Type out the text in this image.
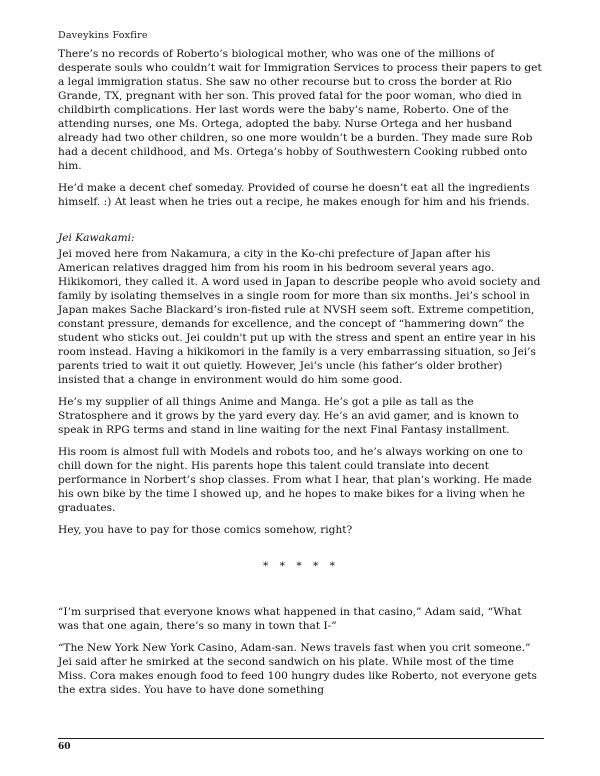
Daveykins Foxfire

There’s no records of Roberto’s biological mother, who was one of the millions of desperate souls who couldn’t wait for Immigration Services to process their papers to get a legal immigration status. She saw no other recourse but to cross the border at Rio Grande, TX, pregnant with her son. This proved fatal for the poor woman, who died in childbirth complications. Her last words were the baby’s name, Roberto. One of the attending nurses, one Ms. Ortega, adopted the baby. Nurse Ortega and her husband already had two other children, so one more wouldn’t be a burden. They made sure Rob had a decent childhood, and Ms. Ortega’s hobby of Southwestern Cooking rubbed onto him.

He’d make a decent chef someday. Provided of course he doesn’t eat all the ingredients himself. :) At least when he tries out a recipe, he makes enough for him and his friends.

Jei Kawakami:

Jei moved here from Nakamura, a city in the Ko-chi prefecture of Japan after his American relatives dragged him from his room in his bedroom several years ago. Hikikomori, they called it. A word used in Japan to describe people who avoid society and family by isolating themselves in a single room for more than six months. Jei’s school in Japan makes Sache Blackard’s iron-fisted rule at NVSH seem soft. Extreme competition, constant pressure, demands for excellence, and the concept of “hammering down” the student who sticks out. Jei couldn't put up with the stress and spent an entire year in his room instead. Having a hikikomori in the family is a very embarrassing situation, so Jei’s parents tried to wait it out quietly. However, Jei’s uncle (his father’s older brother) insisted that a change in environment would do him some good.

He’s my supplier of all things Anime and Manga. He’s got a pile as tall as the Stratosphere and it grows by the yard every day. He’s an avid gamer, and is known to speak in RPG terms and stand in line waiting for the next Final Fantasy installment.

His room is almost full with Models and robots too, and he’s always working on one to chill down for the night. His parents hope this talent could translate into decent performance in Norbert’s shop classes. From what I hear, that plan’s working. He made his own bike by the time I showed up, and he hopes to make bikes for a living when he graduates.

Hey, you have to pay for those comics somehow, right?

* * * * *

“I’m surprised that everyone knows what happened in that casino,” Adam said, “What was that one again, there’s so many in town that I-”

“The New York New York Casino, Adam-san. News travels fast when you crit someone.” Jei said after he smirked at the second sandwich on his plate. While most of the time Miss. Cora makes enough food to feed 100 hungry dudes like Roberto, not everyone gets the extra sides. You have to have done something

60
